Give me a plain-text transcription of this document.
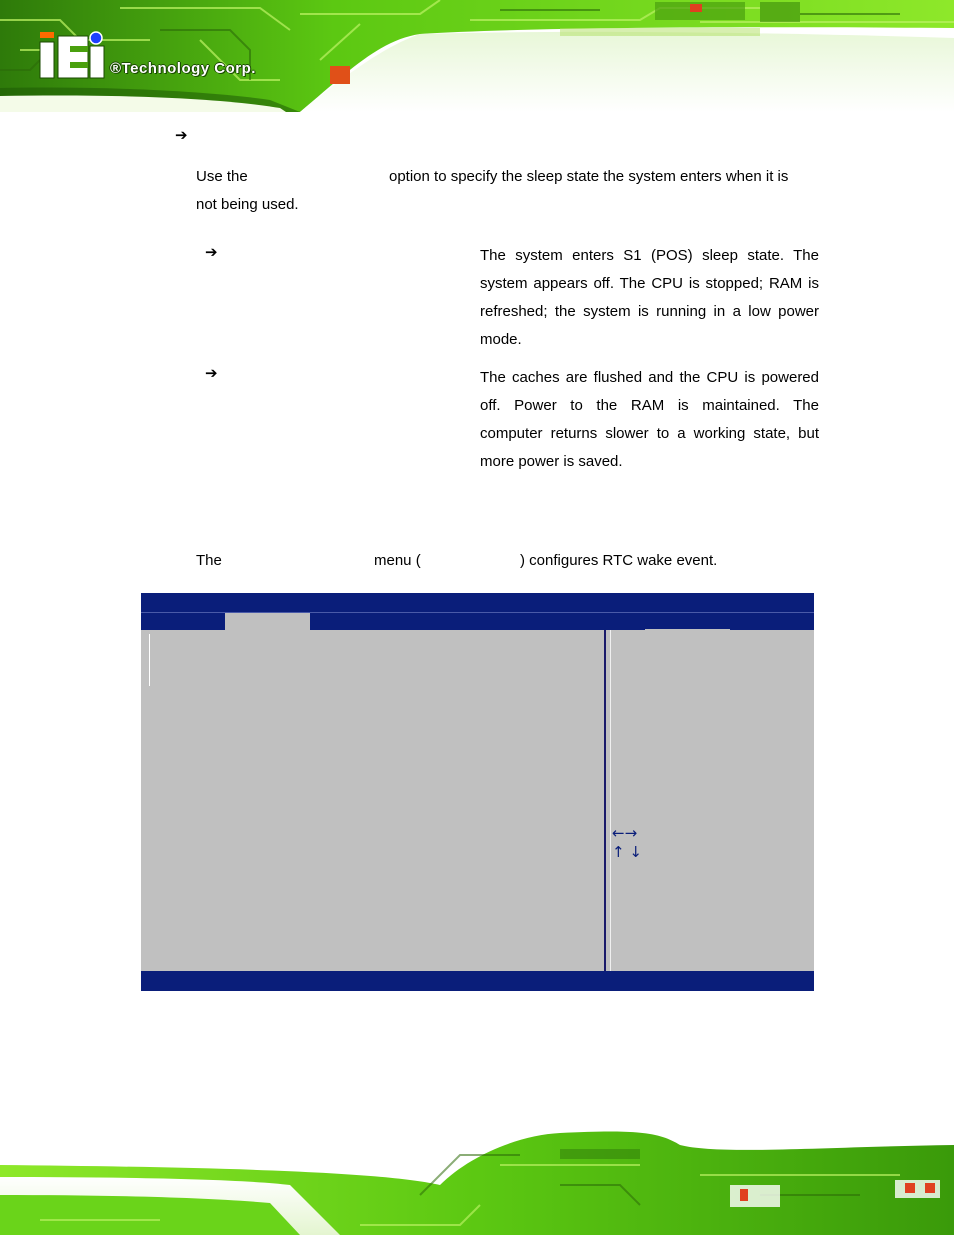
®Technology Corp.
➔
Use the	option to specify the sleep state the system enters when it is
not being used.
➔	The system enters S1 (POS) sleep state. The system appears off. The CPU is stopped; RAM is refreshed; the system is running in a low power mode.
➔	The caches are flushed and the CPU is powered off. Power to the RAM is maintained. The computer returns slower to a working state, but more power is saved.
The	menu (	) configures RTC wake event.
←→
↑ ↓
